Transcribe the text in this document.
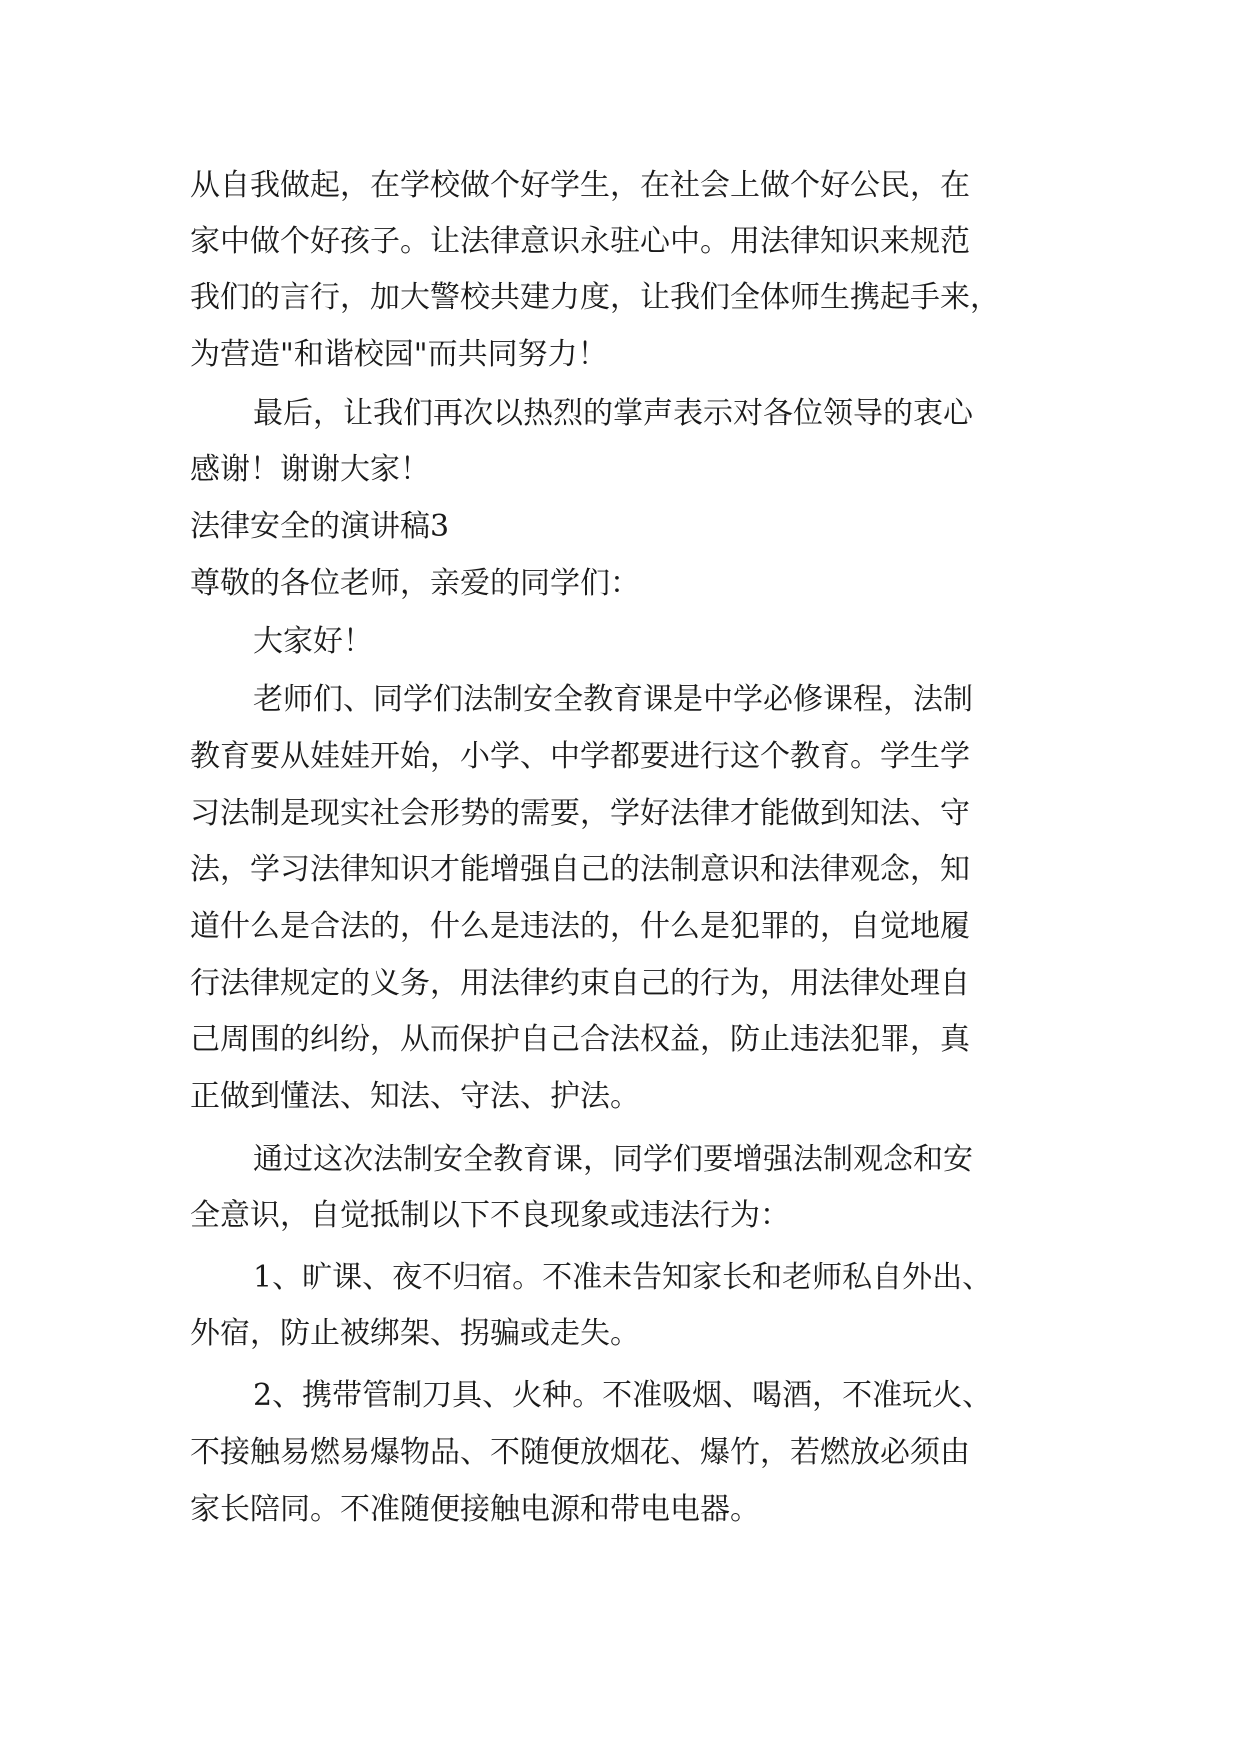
从自我做起，在学校做个好学生，在社会上做个好公民，在
家中做个好孩子。让法律意识永驻心中。用法律知识来规范
我们的言行，加大警校共建力度，让我们全体师生携起手来，
为营造"和谐校园"而共同努力！
最后，让我们再次以热烈的掌声表示对各位领导的衷心
感谢！谢谢大家！
法律安全的演讲稿3
尊敬的各位老师，亲爱的同学们：
大家好！
老师们、同学们法制安全教育课是中学必修课程，法制
教育要从娃娃开始，小学、中学都要进行这个教育。学生学
习法制是现实社会形势的需要，学好法律才能做到知法、守
法，学习法律知识才能增强自己的法制意识和法律观念，知
道什么是合法的，什么是违法的，什么是犯罪的，自觉地履
行法律规定的义务，用法律约束自己的行为，用法律处理自
己周围的纠纷，从而保护自己合法权益，防止违法犯罪，真
正做到懂法、知法、守法、护法。
通过这次法制安全教育课，同学们要增强法制观念和安
全意识，自觉抵制以下不良现象或违法行为：
1、旷课、夜不归宿。不准未告知家长和老师私自外出、
外宿，防止被绑架、拐骗或走失。
2、携带管制刀具、火种。不准吸烟、喝酒，不准玩火、
不接触易燃易爆物品、不随便放烟花、爆竹，若燃放必须由
家长陪同。不准随便接触电源和带电电器。
